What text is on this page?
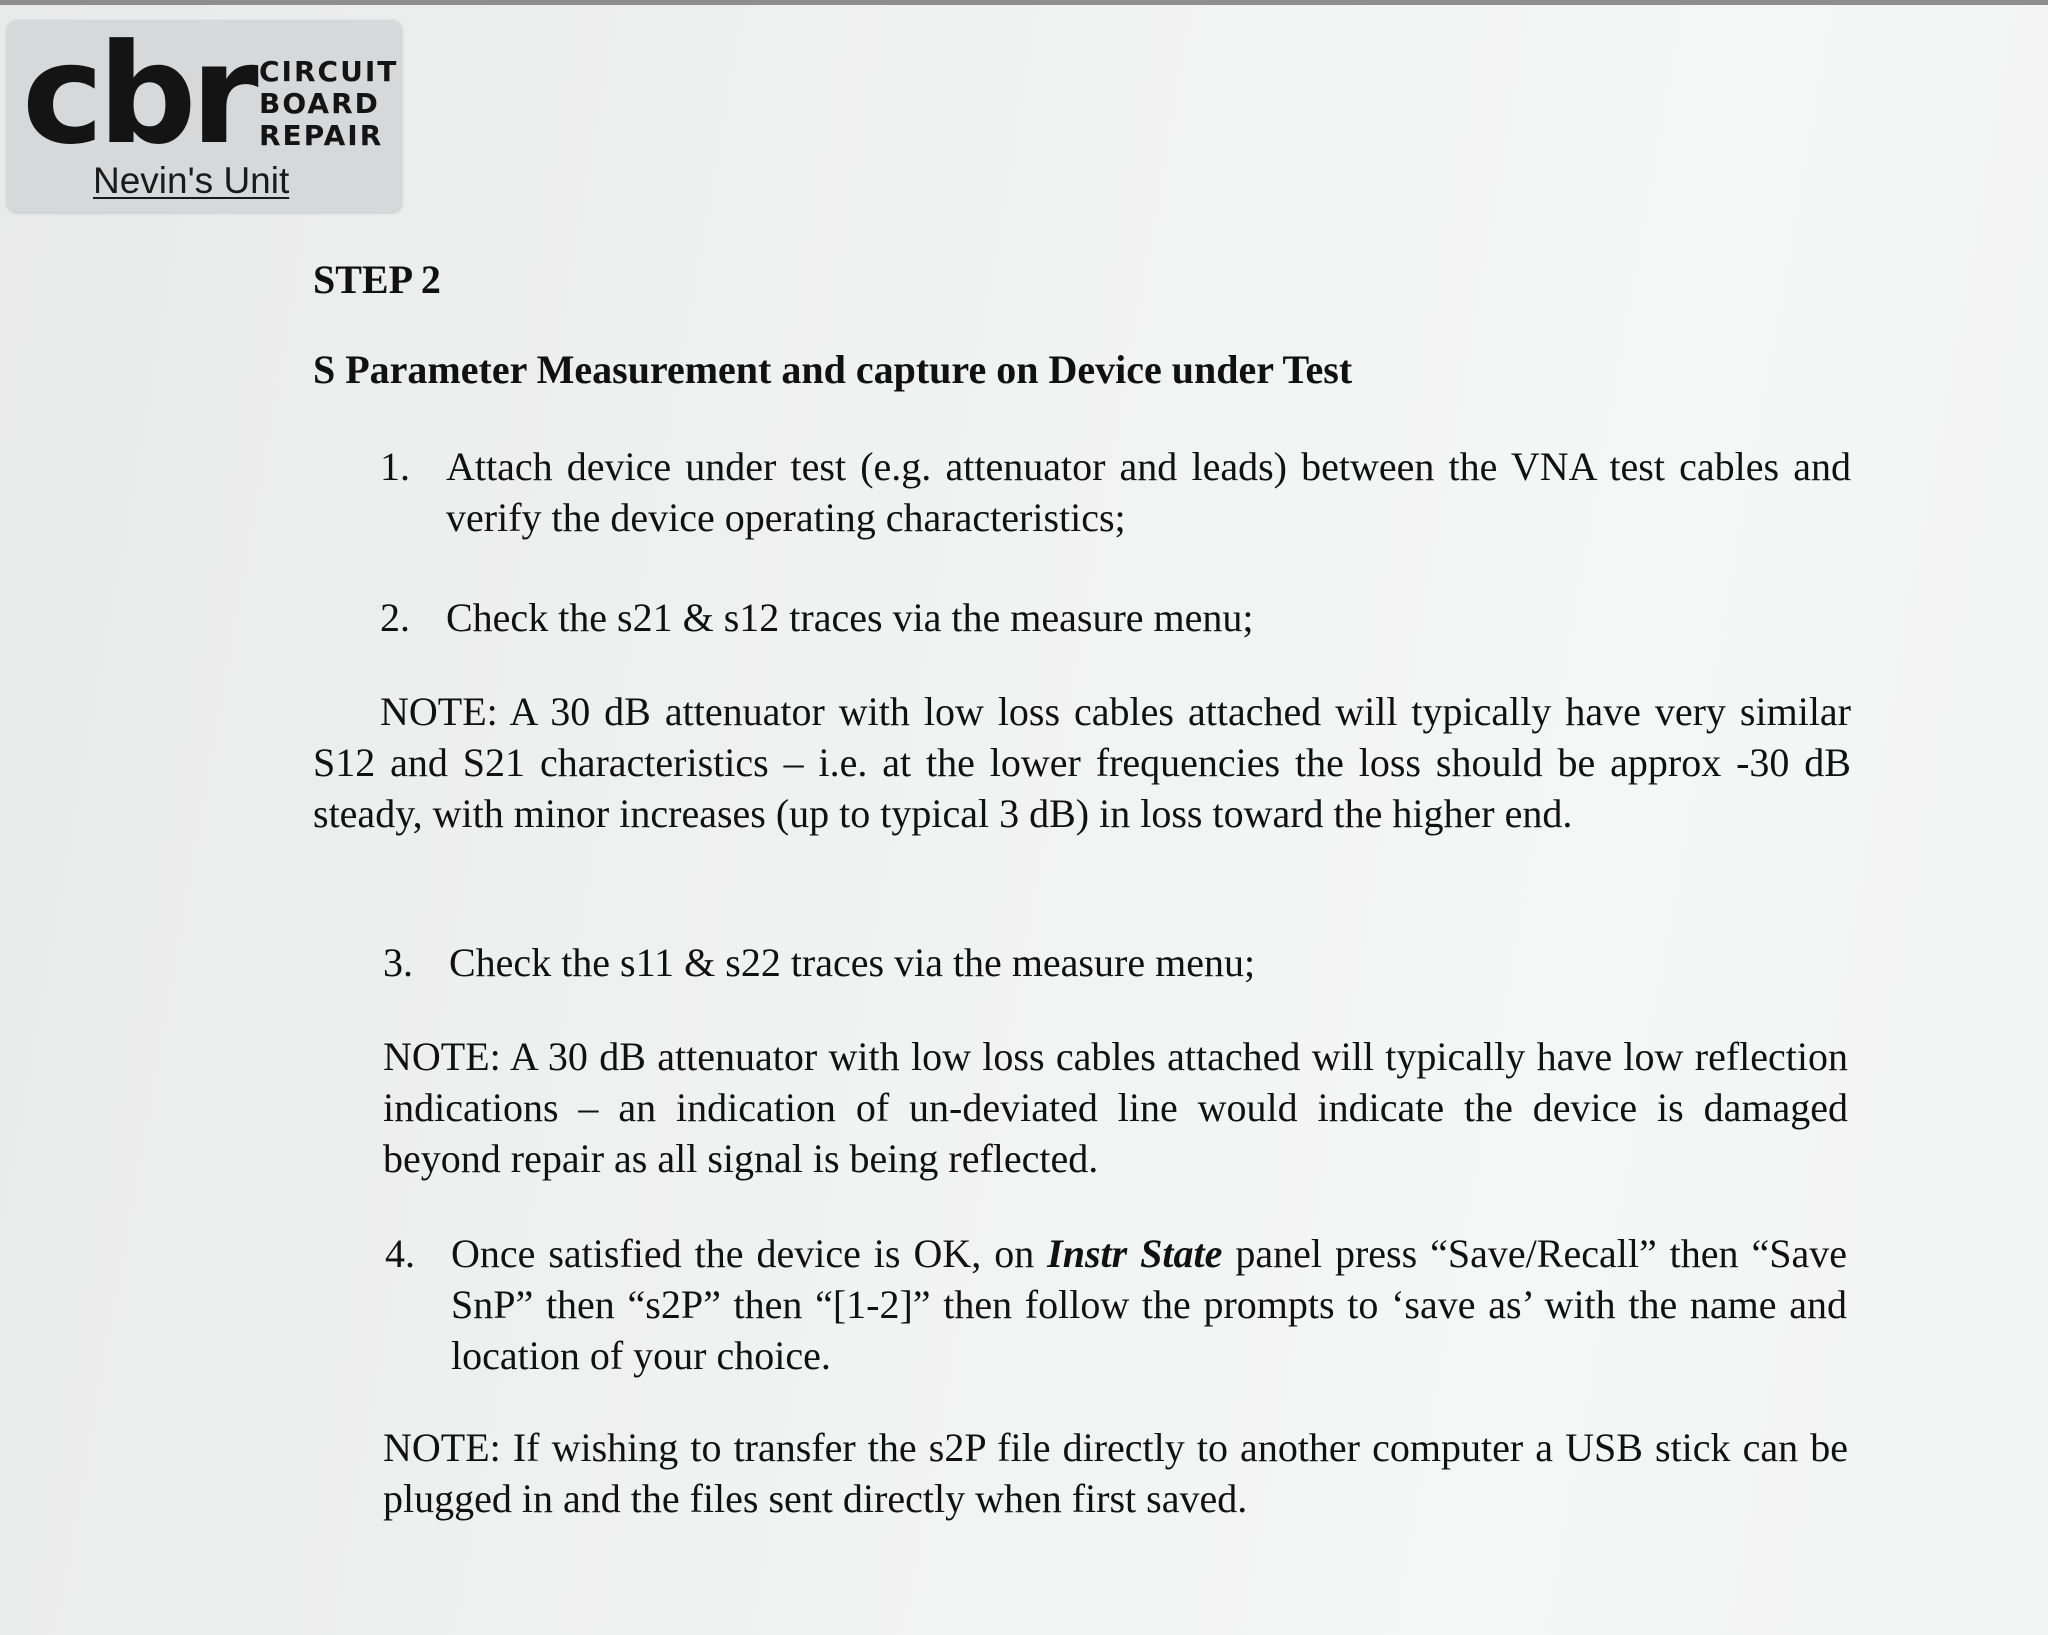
cbr CIRCUIT
BOARD
REPAIR
Nevin's Unit
STEP 2
S Parameter Measurement and capture on Device under Test
1. Attach device under test (e.g. attenuator and leads) between the VNA test cables and verify the device operating characteristics;
2. Check the s21 & s12 traces via the measure menu;

NOTE: A 30 dB attenuator with low loss cables attached will typically have very similar S12 and S21 characteristics – i.e. at the lower frequencies the loss should be approx -30 dB steady, with minor increases (up to typical 3 dB) in loss toward the higher end.

3. Check the s11 & s22 traces via the measure menu;

NOTE: A 30 dB attenuator with low loss cables attached will typically have low reflection indications – an indication of un-deviated line would indicate the device is damaged beyond repair as all signal is being reflected.

4. Once satisfied the device is OK, on Instr State panel press “Save/Recall” then “Save SnP” then “s2P” then “[1-2]” then follow the prompts to ‘save as’ with the name and location of your choice.

NOTE: If wishing to transfer the s2P file directly to another computer a USB stick can be plugged in and the files sent directly when first saved.
